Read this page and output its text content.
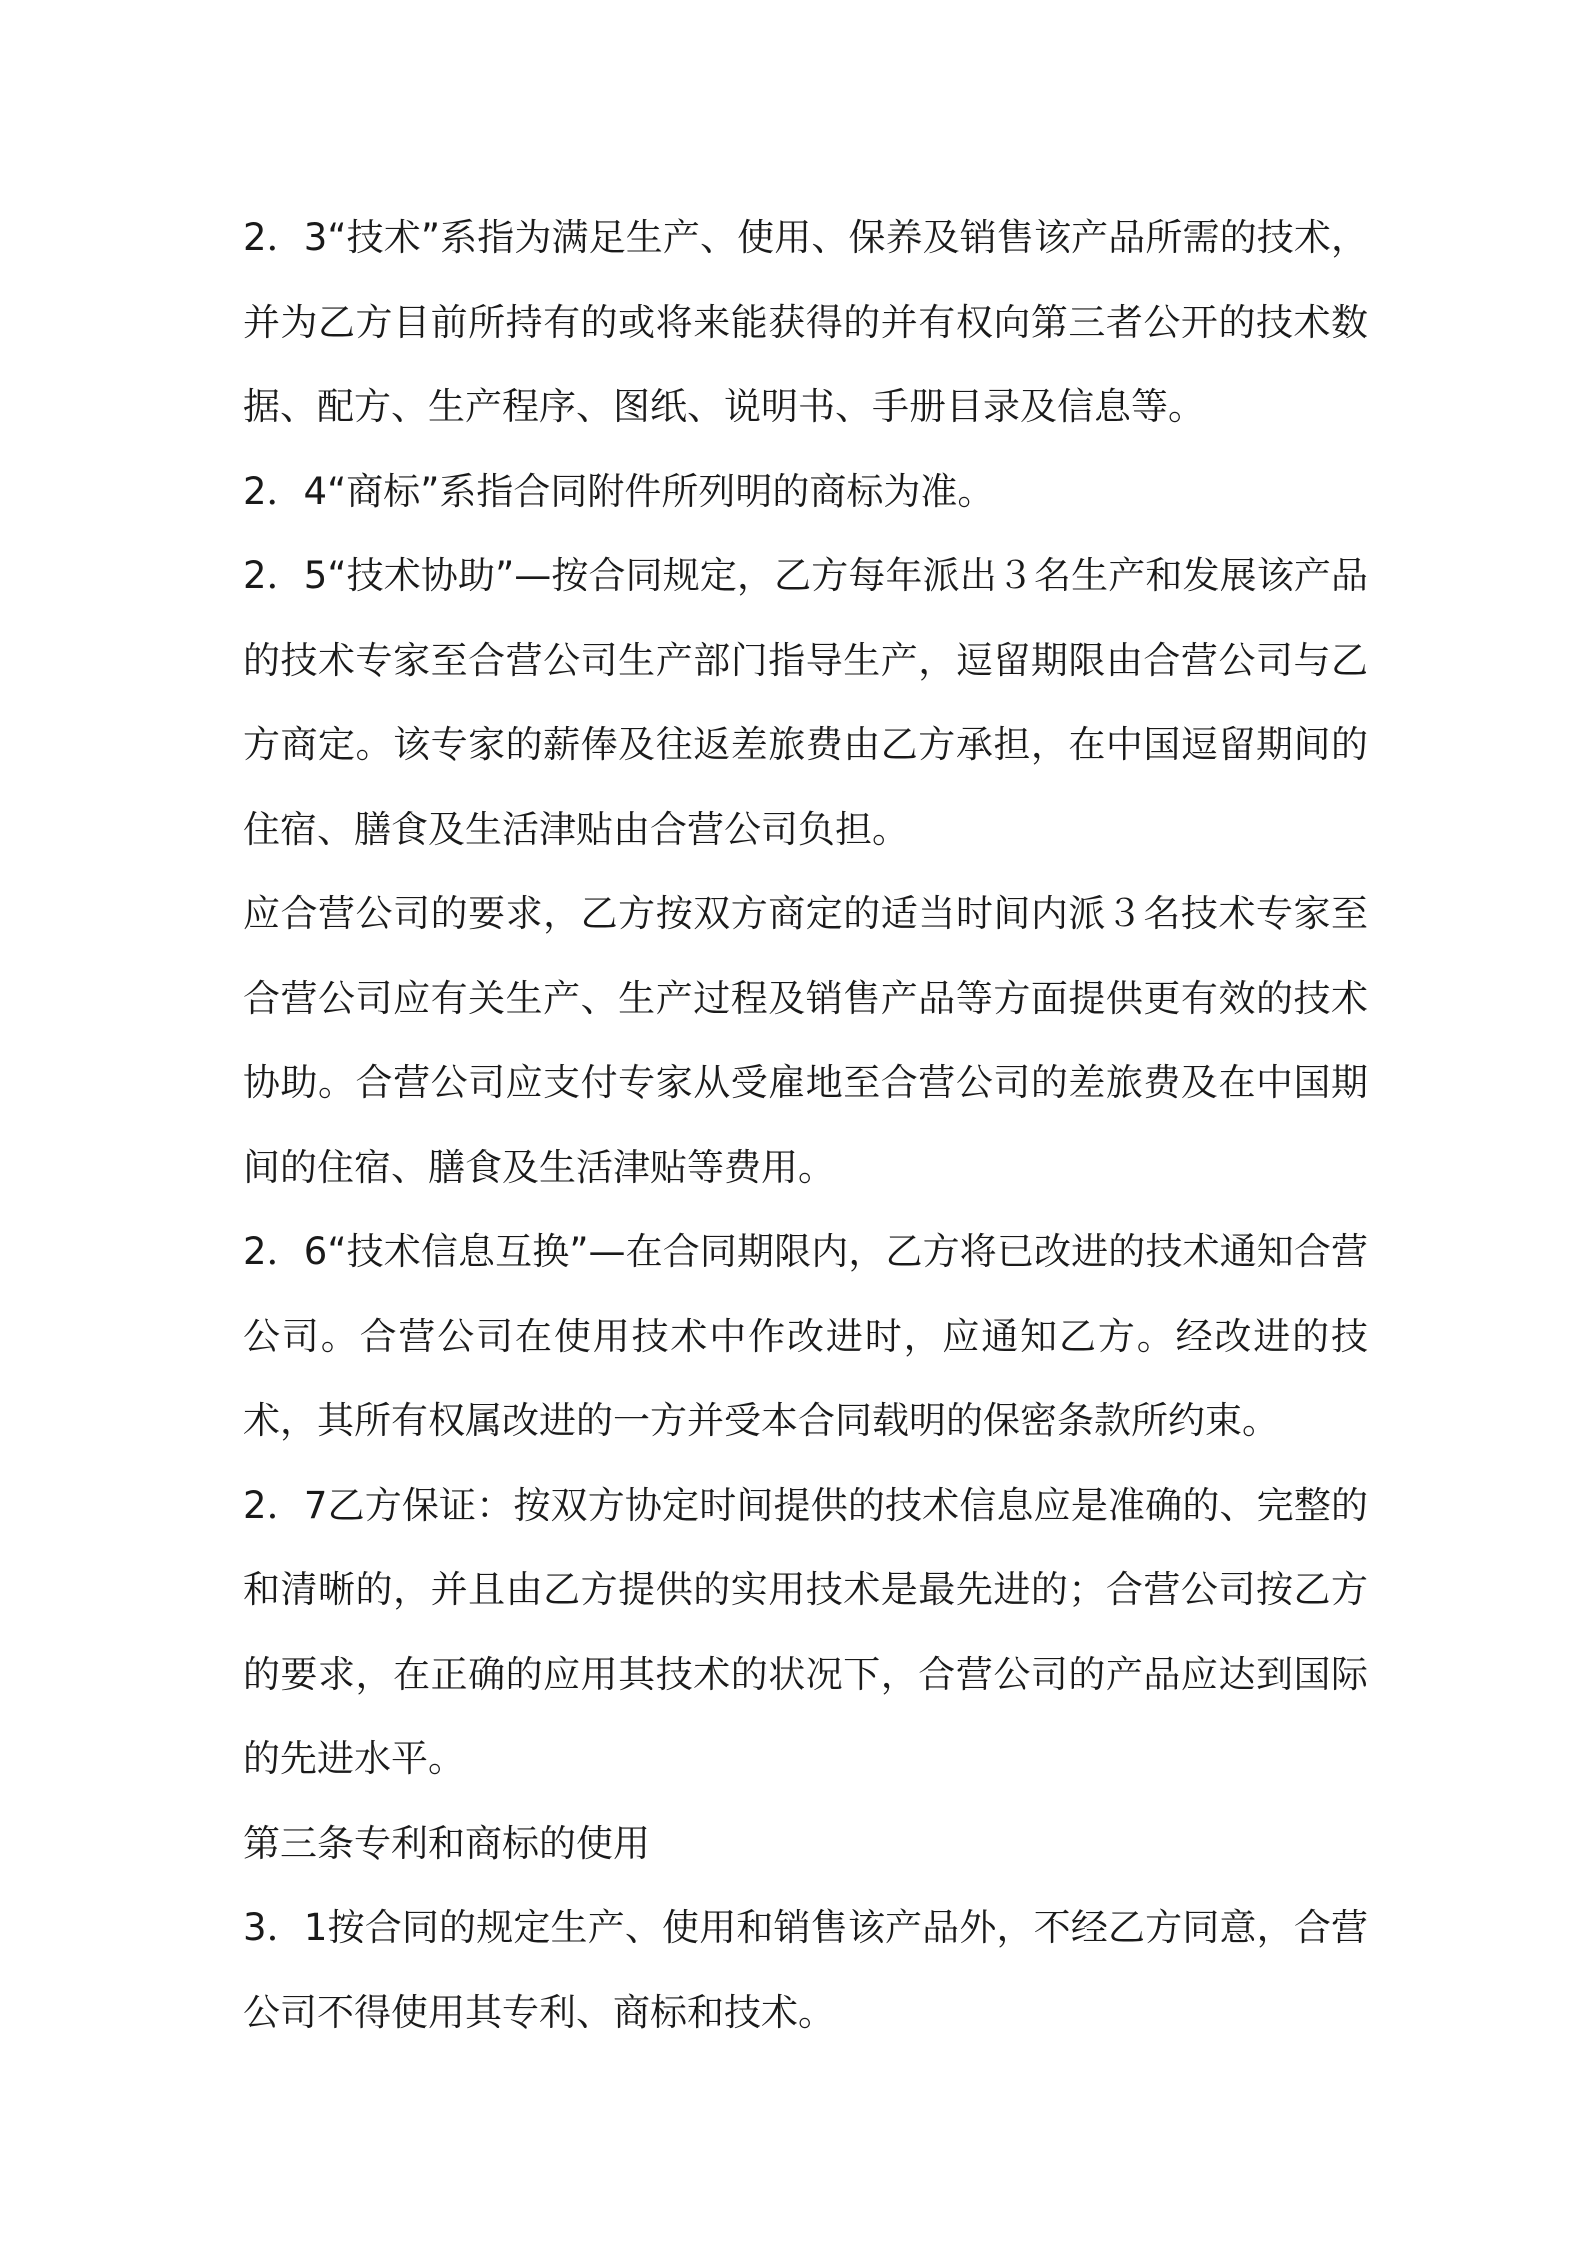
2．3“技术”系指为满足生产、使用、保养及销售该产品所需的技术，并为乙方目前所持有的或将来能获得的并有权向第三者公开的技术数据、配方、生产程序、图纸、说明书、手册目录及信息等。

2．4“商标”系指合同附件所列明的商标为准。

2．5“技术协助”—按合同规定，乙方每年派出３名生产和发展该产品的技术专家至合营公司生产部门指导生产，逗留期限由合营公司与乙方商定。该专家的薪俸及往返差旅费由乙方承担，在中国逗留期间的住宿、膳食及生活津贴由合营公司负担。

应合营公司的要求，乙方按双方商定的适当时间内派３名技术专家至合营公司应有关生产、生产过程及销售产品等方面提供更有效的技术协助。合营公司应支付专家从受雇地至合营公司的差旅费及在中国期间的住宿、膳食及生活津贴等费用。

2．6“技术信息互换”—在合同期限内，乙方将已改进的技术通知合营公司。合营公司在使用技术中作改进时，应通知乙方。经改进的技术，其所有权属改进的一方并受本合同载明的保密条款所约束。

2．7乙方保证：按双方协定时间提供的技术信息应是准确的、完整的和清晰的，并且由乙方提供的实用技术是最先进的；合营公司按乙方的要求，在正确的应用其技术的状况下，合营公司的产品应达到国际的先进水平。

第三条专利和商标的使用

3．1按合同的规定生产、使用和销售该产品外，不经乙方同意，合营公司不得使用其专利、商标和技术。
